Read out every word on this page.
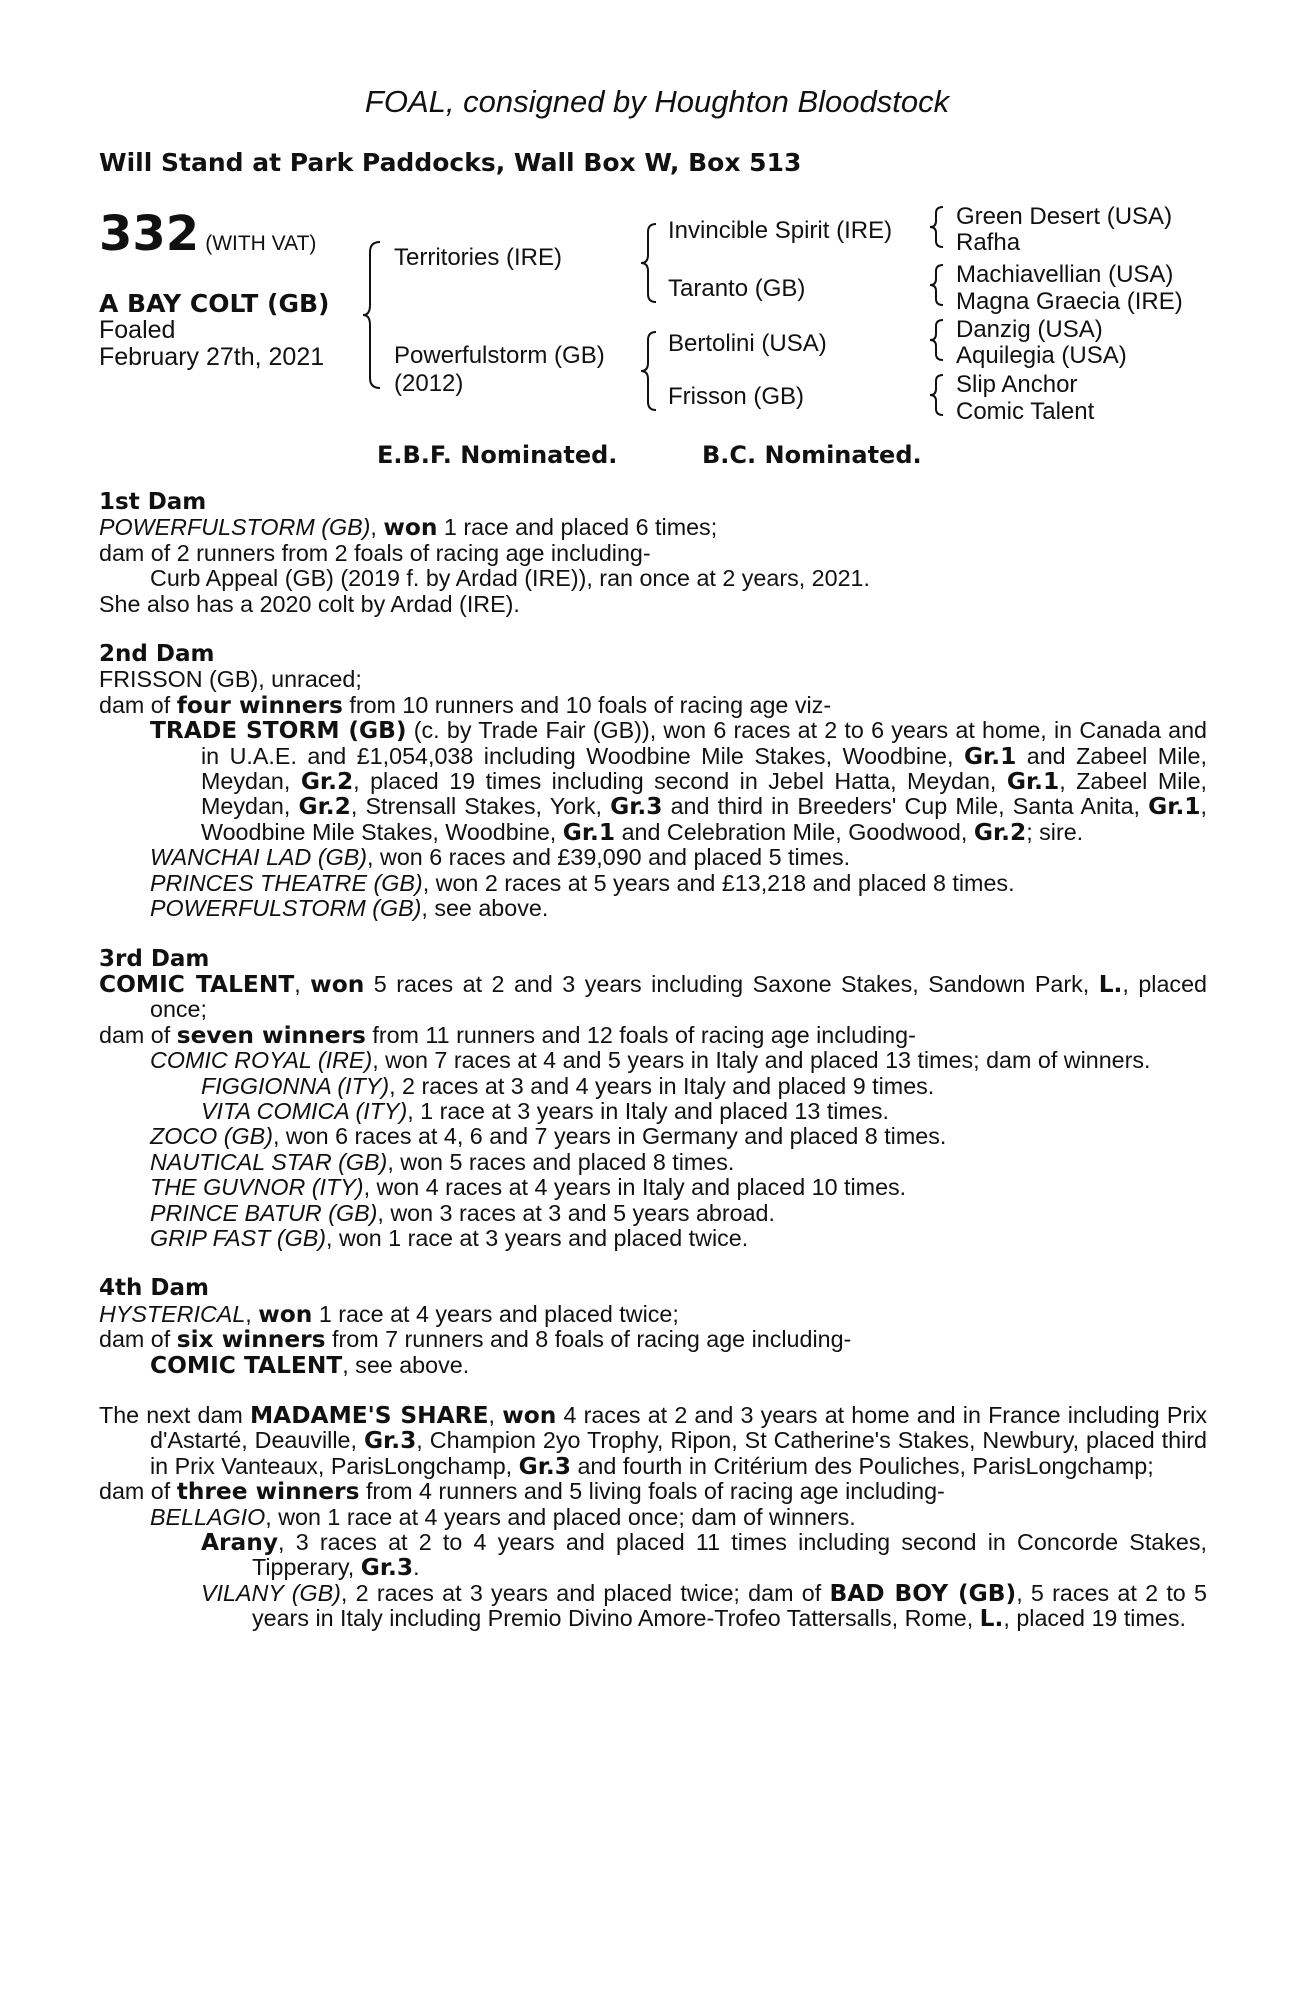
FOAL, consigned by Houghton Bloodstock
Will Stand at Park Paddocks, Wall Box W, Box 513
332 (WITH VAT)
A BAY COLT (GB)
Foaled
February 27th, 2021
Territories (IRE)
Powerfulstorm (GB)
(2012)
Invincible Spirit (IRE)
Taranto (GB)
Bertolini (USA)
Frisson (GB)
Green Desert (USA)
Rafha
Machiavellian (USA)
Magna Graecia (IRE)
Danzig (USA)
Aquilegia (USA)
Slip Anchor
Comic Talent
E.B.F. Nominated.	B.C. Nominated.
1st Dam

POWERFULSTORM (GB), won 1 race and placed 6 times;

dam of 2 runners from 2 foals of racing age including-

Curb Appeal (GB) (2019 f. by Ardad (IRE)), ran once at 2 years, 2021.

She also has a 2020 colt by Ardad (IRE).

2nd Dam

FRISSON (GB), unraced;

dam of four winners from 10 runners and 10 foals of racing age viz-

TRADE STORM (GB) (c. by Trade Fair (GB)), won 6 races at 2 to 6 years at home, in Canada and in U.A.E. and £1,054,038 including Woodbine Mile Stakes, Woodbine, Gr.1 and Zabeel Mile, Meydan, Gr.2, placed 19 times including second in Jebel Hatta, Meydan, Gr.1, Zabeel Mile, Meydan, Gr.2, Strensall Stakes, York, Gr.3 and third in Breeders' Cup Mile, Santa Anita, Gr.1, Woodbine Mile Stakes, Woodbine, Gr.1 and Celebration Mile, Goodwood, Gr.2; sire.

WANCHAI LAD (GB), won 6 races and £39,090 and placed 5 times.

PRINCES THEATRE (GB), won 2 races at 5 years and £13,218 and placed 8 times.

POWERFULSTORM (GB), see above.

3rd Dam

COMIC TALENT, won 5 races at 2 and 3 years including Saxone Stakes, Sandown Park, L., placed once;

dam of seven winners from 11 runners and 12 foals of racing age including-

COMIC ROYAL (IRE), won 7 races at 4 and 5 years in Italy and placed 13 times; dam of winners.

FIGGIONNA (ITY), 2 races at 3 and 4 years in Italy and placed 9 times.

VITA COMICA (ITY), 1 race at 3 years in Italy and placed 13 times.

ZOCO (GB), won 6 races at 4, 6 and 7 years in Germany and placed 8 times.

NAUTICAL STAR (GB), won 5 races and placed 8 times.

THE GUVNOR (ITY), won 4 races at 4 years in Italy and placed 10 times.

PRINCE BATUR (GB), won 3 races at 3 and 5 years abroad.

GRIP FAST (GB), won 1 race at 3 years and placed twice.

4th Dam

HYSTERICAL, won 1 race at 4 years and placed twice;

dam of six winners from 7 runners and 8 foals of racing age including-

COMIC TALENT, see above.

The next dam MADAME'S SHARE, won 4 races at 2 and 3 years at home and in France including Prix d'Astarté, Deauville, Gr.3, Champion 2yo Trophy, Ripon, St Catherine's Stakes, Newbury, placed third in Prix Vanteaux, ParisLongchamp, Gr.3 and fourth in Critérium des Pouliches, ParisLongchamp;

dam of three winners from 4 runners and 5 living foals of racing age including-

BELLAGIO, won 1 race at 4 years and placed once; dam of winners.

Arany, 3 races at 2 to 4 years and placed 11 times including second in Concorde Stakes, Tipperary, Gr.3.

VILANY (GB), 2 races at 3 years and placed twice; dam of BAD BOY (GB), 5 races at 2 to 5 years in Italy including Premio Divino Amore-Trofeo Tattersalls, Rome, L., placed 19 times.
